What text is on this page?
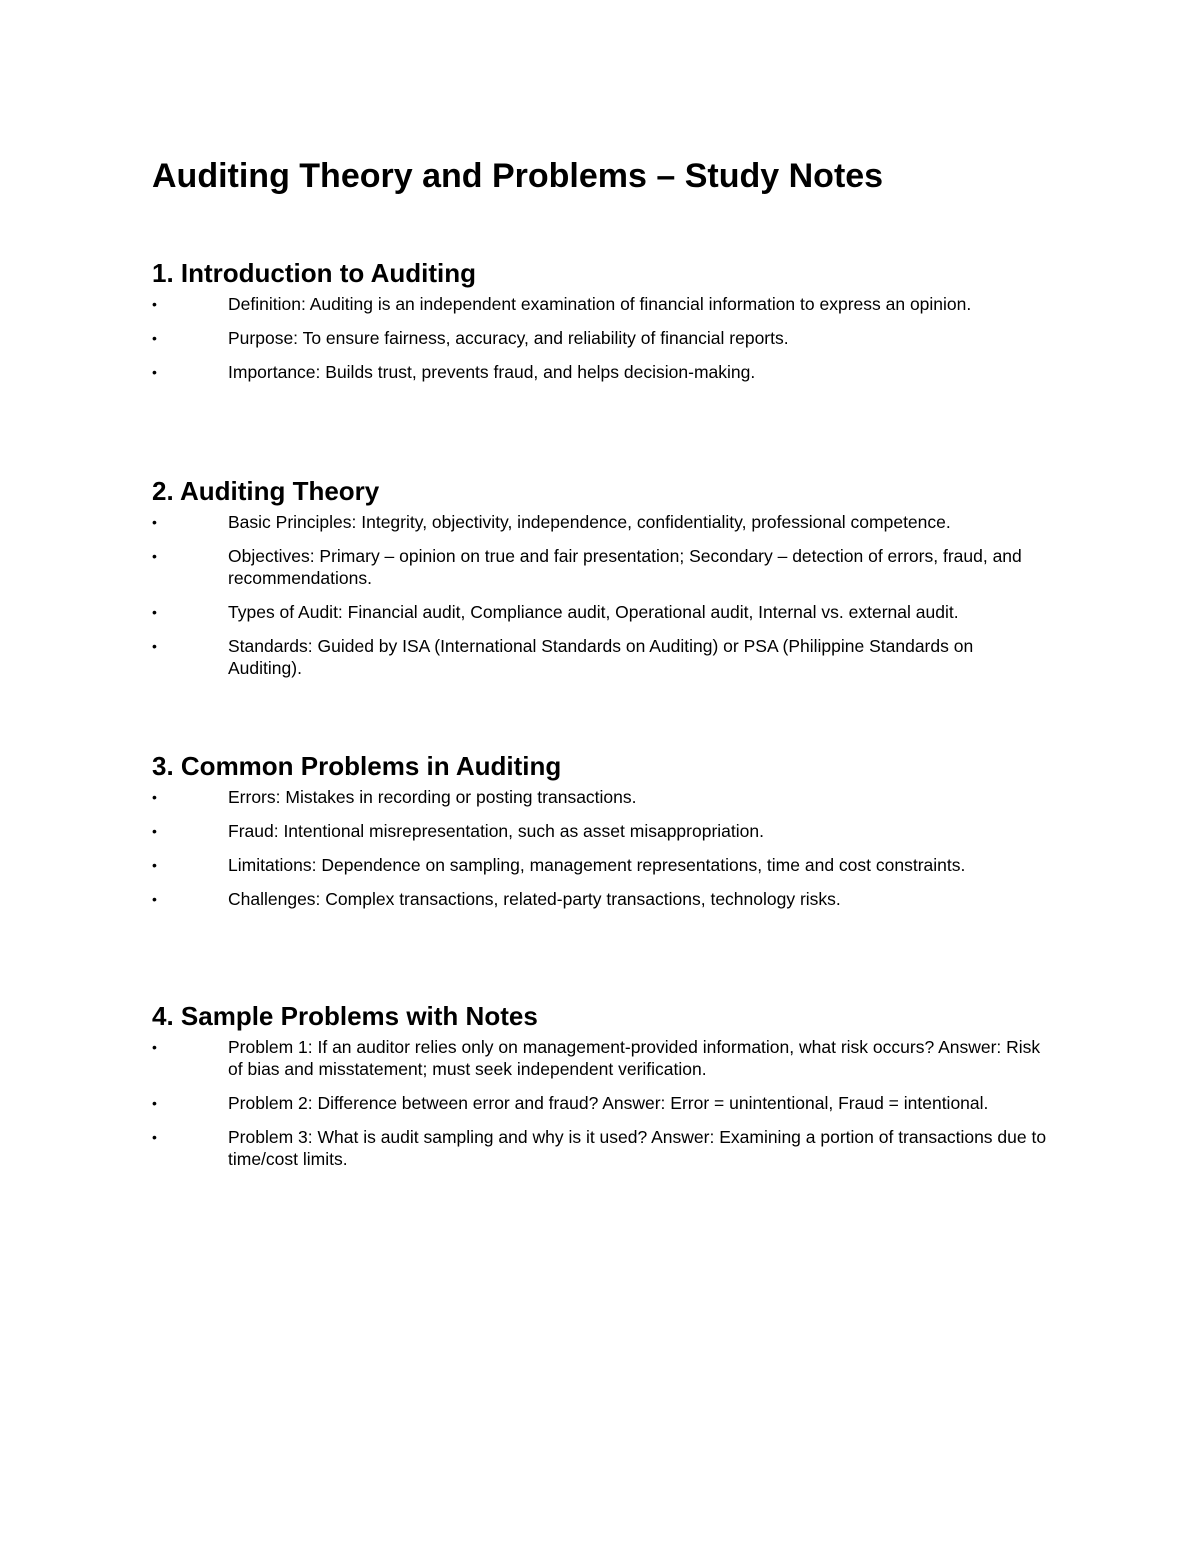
Auditing Theory and Problems – Study Notes
1. Introduction to Auditing
•	Definition: Auditing is an independent examination of financial information to express an opinion.
•	Purpose: To ensure fairness, accuracy, and reliability of financial reports.
•	Importance: Builds trust, prevents fraud, and helps decision-making.
2. Auditing Theory
•	Basic Principles: Integrity, objectivity, independence, confidentiality, professional competence.
•	Objectives: Primary – opinion on true and fair presentation; Secondary – detection of errors, fraud, and recommendations.
•	Types of Audit: Financial audit, Compliance audit, Operational audit, Internal vs. external audit.
•	Standards: Guided by ISA (International Standards on Auditing) or PSA (Philippine Standards on Auditing).
3. Common Problems in Auditing
•	Errors: Mistakes in recording or posting transactions.
•	Fraud: Intentional misrepresentation, such as asset misappropriation.
•	Limitations: Dependence on sampling, management representations, time and cost constraints.
•	Challenges: Complex transactions, related-party transactions, technology risks.
4. Sample Problems with Notes
•	Problem 1: If an auditor relies only on management-provided information, what risk occurs? Answer: Risk of bias and misstatement; must seek independent verification.
•	Problem 2: Difference between error and fraud? Answer: Error = unintentional, Fraud = intentional.
•	Problem 3: What is audit sampling and why is it used? Answer: Examining a portion of transactions due to time/cost limits.
